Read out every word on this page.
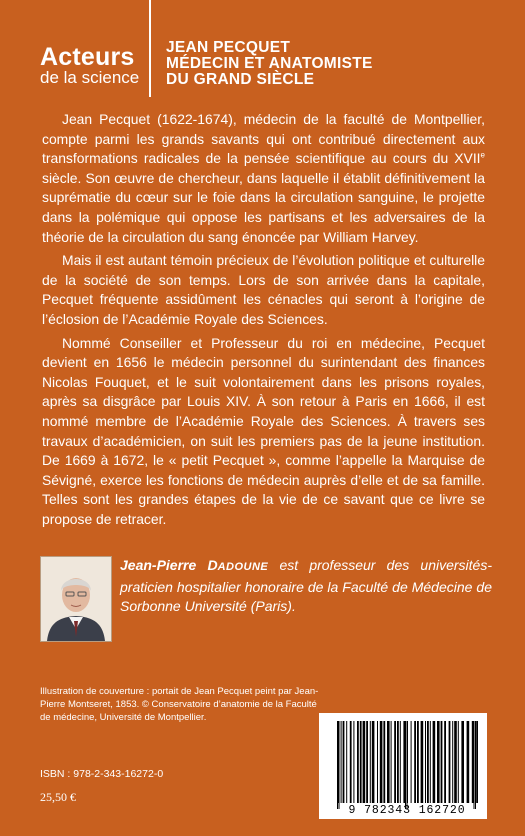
Acteurs
de la science
JEAN PECQUET
MÉDECIN ET ANATOMISTE
DU GRAND SIÈCLE

Jean Pecquet (1622-1674), médecin de la faculté de Montpellier, compte parmi les grands savants qui ont contribué directement aux transformations radicales de la pensée scientifique au cours du XVIIe siècle. Son œuvre de chercheur, dans laquelle il établit définitivement la suprématie du cœur sur le foie dans la circulation sanguine, le projette dans la polémique qui oppose les partisans et les adversaires de la théorie de la circulation du sang énoncée par William Harvey.

Mais il est autant témoin précieux de l’évolution politique et culturelle de la société de son temps. Lors de son arrivée dans la capitale, Pecquet fréquente assidûment les cénacles qui seront à l’origine de l’éclosion de l’Académie Royale des Sciences.

Nommé Conseiller et Professeur du roi en médecine, Pecquet devient en 1656 le médecin personnel du surintendant des finances Nicolas Fouquet, et le suit volontairement dans les prisons royales, après sa disgrâce par Louis XIV. À son retour à Paris en 1666, il est nommé membre de l’Académie Royale des Sciences. À travers ses travaux d’académicien, on suit les premiers pas de la jeune institution. De 1669 à 1672, le « petit Pecquet », comme l’appelle la Marquise de Sévigné, exerce les fonctions de médecin auprès d’elle et de sa famille. Telles sont les grandes étapes de la vie de ce savant que ce livre se propose de retracer.

Jean-Pierre DADOUNE est professeur des universités-praticien hospitalier honoraire de la Faculté de Médecine de Sorbonne Université (Paris).
Illustration de couverture : portait de Jean Pecquet peint par Jean-Pierre Montseret, 1853. © Conservatoire d’anatomie de la Faculté de médecine, Université de Montpellier.
ISBN : 978-2-343-16272-0
25,50 €
9 782343 162720
